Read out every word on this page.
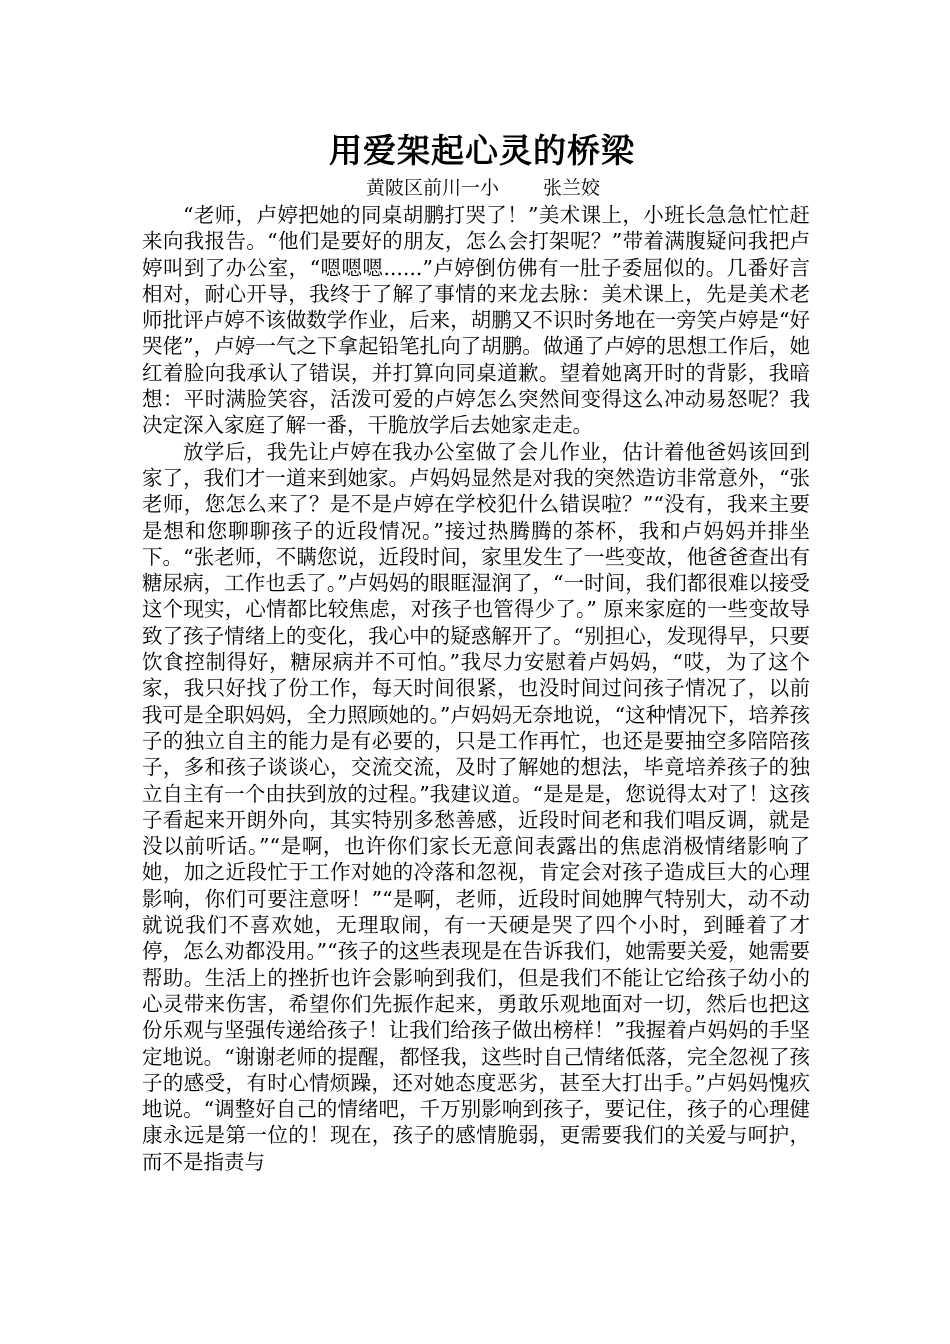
用爱架起心灵的桥梁

黄陂区前川一小 张兰姣

“老师，卢婷把她的同桌胡鹏打哭了！”美术课上，小班长急急忙忙赶来向我报告。“他们是要好的朋友，怎么会打架呢？”带着满腹疑问我把卢婷叫到了办公室，“嗯嗯嗯......”卢婷倒仿佛有一肚子委屈似的。几番好言相对，耐心开导，我终于了解了事情的来龙去脉：美术课上，先是美术老师批评卢婷不该做数学作业，后来，胡鹏又不识时务地在一旁笑卢婷是“好哭佬”，卢婷一气之下拿起铅笔扎向了胡鹏。做通了卢婷的思想工作后，她红着脸向我承认了错误，并打算向同桌道歉。望着她离开时的背影，我暗想：平时满脸笑容，活泼可爱的卢婷怎么突然间变得这么冲动易怒呢？我决定深入家庭了解一番，干脆放学后去她家走走。

放学后，我先让卢婷在我办公室做了会儿作业，估计着他爸妈该回到家了，我们才一道来到她家。卢妈妈显然是对我的突然造访非常意外，“张老师，您怎么来了？是不是卢婷在学校犯什么错误啦？”“没有，我来主要是想和您聊聊孩子的近段情况。”接过热腾腾的茶杯，我和卢妈妈并排坐下。“张老师，不瞒您说，近段时间，家里发生了一些变故，他爸爸查出有糖尿病，工作也丢了。”卢妈妈的眼眶湿润了，“一时间，我们都很难以接受这个现实，心情都比较焦虑，对孩子也管得少了。” 原来家庭的一些变故导致了孩子情绪上的变化，我心中的疑惑解开了。“别担心，发现得早，只要饮食控制得好，糖尿病并不可怕。”我尽力安慰着卢妈妈，“哎，为了这个家，我只好找了份工作，每天时间很紧，也没时间过问孩子情况了，以前我可是全职妈妈，全力照顾她的。”卢妈妈无奈地说，“这种情况下，培养孩子的独立自主的能力是有必要的，只是工作再忙，也还是要抽空多陪陪孩子，多和孩子谈谈心，交流交流，及时了解她的想法，毕竟培养孩子的独立自主有一个由扶到放的过程。”我建议道。“是是是，您说得太对了！这孩子看起来开朗外向，其实特别多愁善感，近段时间老和我们唱反调，就是没以前听话。”“是啊，也许你们家长无意间表露出的焦虑消极情绪影响了她，加之近段忙于工作对她的冷落和忽视，肯定会对孩子造成巨大的心理影响，你们可要注意呀！”“是啊，老师，近段时间她脾气特别大，动不动就说我们不喜欢她，无理取闹，有一天硬是哭了四个小时，到睡着了才停，怎么劝都没用。”“孩子的这些表现是在告诉我们，她需要关爱，她需要帮助。生活上的挫折也许会影响到我们，但是我们不能让它给孩子幼小的心灵带来伤害，希望你们先振作起来，勇敢乐观地面对一切，然后也把这份乐观与坚强传递给孩子！让我们给孩子做出榜样！”我握着卢妈妈的手坚定地说。“谢谢老师的提醒，都怪我，这些时自己情绪低落，完全忽视了孩子的感受，有时心情烦躁，还对她态度恶劣，甚至大打出手。”卢妈妈愧疚地说。“调整好自己的情绪吧，千万别影响到孩子，要记住，孩子的心理健康永远是第一位的！现在，孩子的感情脆弱，更需要我们的关爱与呵护，而不是指责与
